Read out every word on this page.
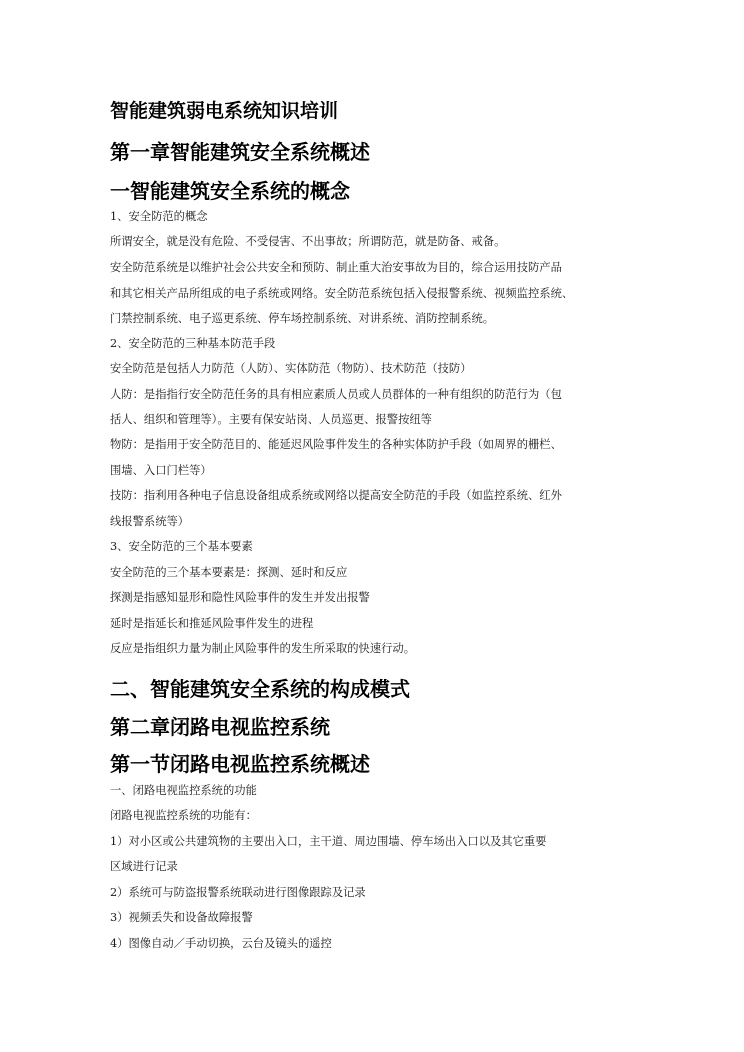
智能建筑弱电系统知识培训
第一章智能建筑安全系统概述
一智能建筑安全系统的概念

1、安全防范的概念

所谓安全，就是没有危险、不受侵害、不出事故；所谓防范，就是防备、戒备。

安全防范系统是以维护社会公共安全和预防、制止重大治安事故为目的，综合运用技防产品

和其它相关产品所组成的电子系统或网络。安全防范系统包括入侵报警系统、视频监控系统、

门禁控制系统、电子巡更系统、停车场控制系统、对讲系统、消防控制系统。

2、安全防范的三种基本防范手段

安全防范是包括人力防范（人防）、实体防范（物防）、技术防范（技防）

人防：是指指行安全防范任务的具有相应素质人员或人员群体的一种有组织的防范行为（包

括人、组织和管理等）。主要有保安站岗、人员巡更、报警按纽等

物防：是指用于安全防范目的、能延迟风险事件发生的各种实体防护手段（如周界的栅栏、

围墙、入口门栏等）

技防：指利用各种电子信息设备组成系统或网络以提高安全防范的手段（如监控系统、红外

线报警系统等）

3、安全防范的三个基本要素

安全防范的三个基本要素是：探测、延时和反应

探测是指感知显形和隐性风险事件的发生并发出报警

延时是指延长和推延风险事件发生的进程

反应是指组织力量为制止风险事件的发生所采取的快速行动。

二、智能建筑安全系统的构成模式
第二章闭路电视监控系统
第一节闭路电视监控系统概述

一、闭路电视监控系统的功能

闭路电视监控系统的功能有：

1）对小区或公共建筑物的主要出入口，主干道、周边围墙、停车场出入口以及其它重要

区域进行记录

2）系统可与防盗报警系统联动进行图像跟踪及记录

3）视频丢失和设备故障报警

4）图像自动／手动切换，云台及镜头的遥控
